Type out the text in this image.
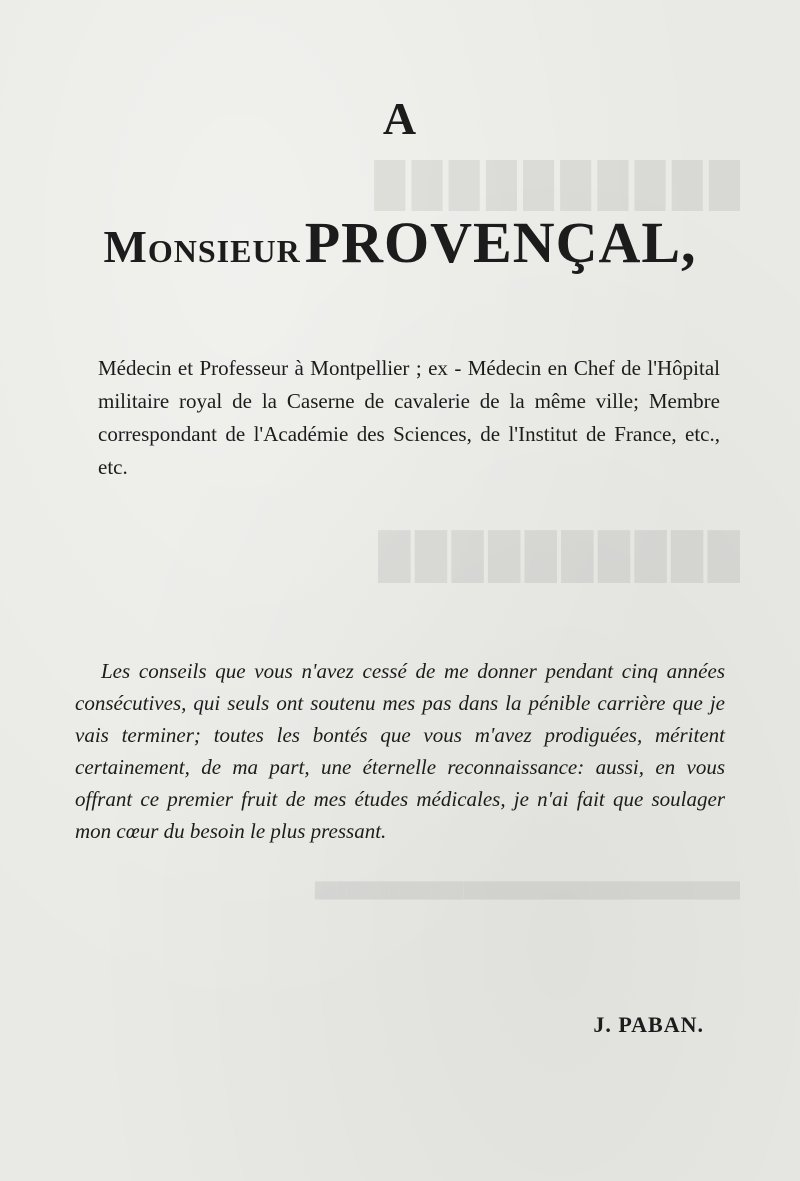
██████████
██████████
████████████████████████████████████████
A
Monsieur PROVENÇAL,
Médecin et Professeur à Montpellier ; ex - Médecin en Chef de l'Hôpital militaire royal de la Caserne de cavalerie de la même ville; Membre correspondant de l'Académie des Sciences, de l'Institut de France, etc., etc.
Les conseils que vous n'avez cessé de me donner pendant cinq années consécutives, qui seuls ont soutenu mes pas dans la pénible carrière que je vais terminer; toutes les bontés que vous m'avez prodiguées, méritent certainement, de ma part, une éternelle reconnaissance: aussi, en vous offrant ce premier fruit de mes études médicales, je n'ai fait que soulager mon cœur du besoin le plus pressant.
J. PABAN.
